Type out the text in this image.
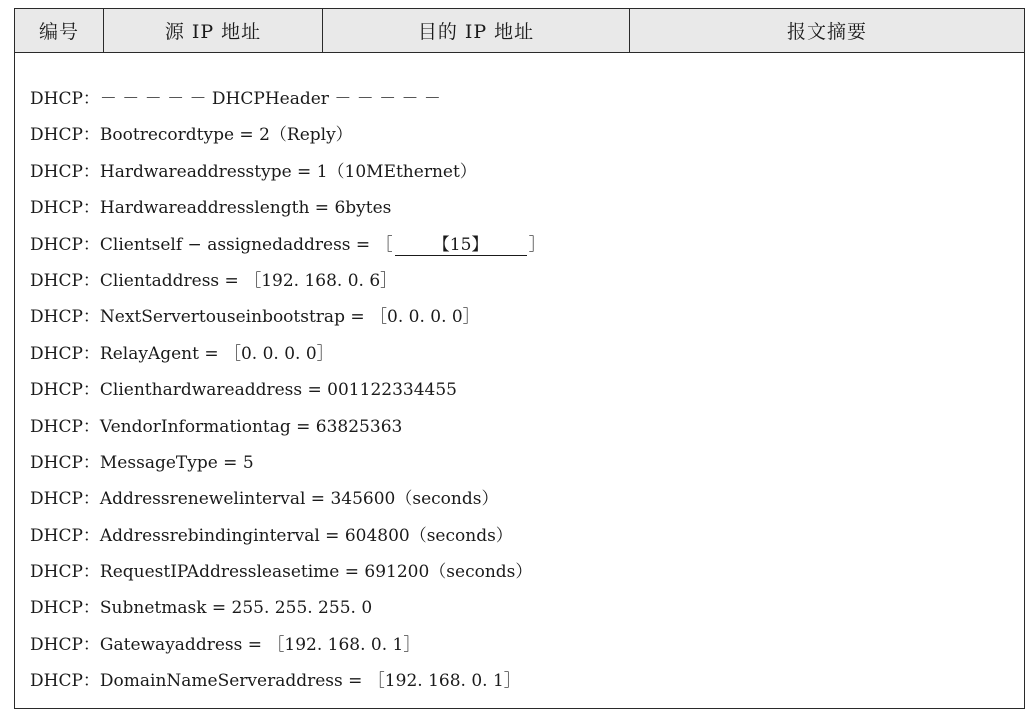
编号	源 IP 地址	目的 IP 地址	报文摘要
DHCP：－ － － － － DHCPHeader － － － － －
DHCP：Bootrecordtype = 2（Reply）
DHCP：Hardwareaddresstype = 1（10MEthernet）
DHCP：Hardwareaddresslength = 6bytes
DHCP：Clientself − assignedaddress = ［ 【15】 ］
DHCP：Clientaddress = ［192. 168. 0. 6］
DHCP：NextServertouseinbootstrap = ［0. 0. 0. 0］
DHCP：RelayAgent = ［0. 0. 0. 0］
DHCP：Clienthardwareaddress = 001122334455
DHCP：VendorInformationtag = 63825363
DHCP：MessageType = 5
DHCP：Addressrenewelinterval = 345600（seconds）
DHCP：Addressrebindinginterval = 604800（seconds）
DHCP：RequestIPAddressleasetime = 691200（seconds）
DHCP：Subnetmask = 255. 255. 255. 0
DHCP：Gatewayaddress = ［192. 168. 0. 1］
DHCP：DomainNameServeraddress = ［192. 168. 0. 1］
